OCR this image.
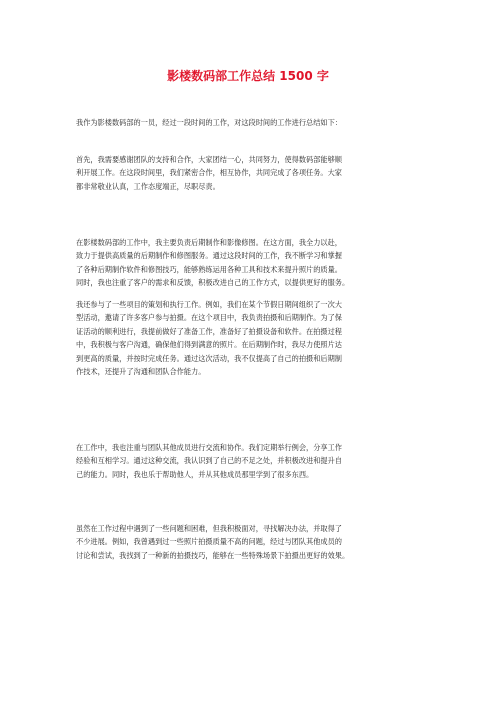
影楼数码部工作总结 1500 字
我作为影楼数码部的一员，经过一段时间的工作，对这段时间的工作进行总结如下：
首先，我需要感谢团队的支持和合作，大家团结一心，共同努力，使得数码部能够顺
利开展工作。在这段时间里，我们紧密合作，相互协作，共同完成了各项任务。大家
都非常敬业认真，工作态度端正，尽职尽责。
在影楼数码部的工作中，我主要负责后期制作和影像修图。在这方面，我全力以赴，
致力于提供高质量的后期制作和修图服务。通过这段时间的工作，我不断学习和掌握
了各种后期制作软件和修图技巧，能够熟练运用各种工具和技术来提升照片的质量。
同时，我也注重了客户的需求和反馈，积极改进自己的工作方式，以提供更好的服务。
我还参与了一些项目的策划和执行工作。例如，我们在某个节假日期间组织了一次大
型活动，邀请了许多客户参与拍摄。在这个项目中，我负责拍摄和后期制作。为了保
证活动的顺利进行，我提前做好了准备工作，准备好了拍摄设备和软件。在拍摄过程
中，我积极与客户沟通，确保他们得到满意的照片。在后期制作时，我尽力使照片达
到更高的质量，并按时完成任务。通过这次活动，我不仅提高了自己的拍摄和后期制
作技术，还提升了沟通和团队合作能力。
在工作中，我也注重与团队其他成员进行交流和协作。我们定期举行例会，分享工作
经验和互相学习。通过这种交流，我认识到了自己的不足之处，并积极改进和提升自
己的能力。同时，我也乐于帮助他人，并从其他成员那里学到了很多东西。
虽然在工作过程中遇到了一些问题和困难，但我积极面对，寻找解决办法，并取得了
不少进展。例如，我曾遇到过一些照片拍摄质量不高的问题，经过与团队其他成员的
讨论和尝试，我找到了一种新的拍摄技巧，能够在一些特殊场景下拍摄出更好的效果。
